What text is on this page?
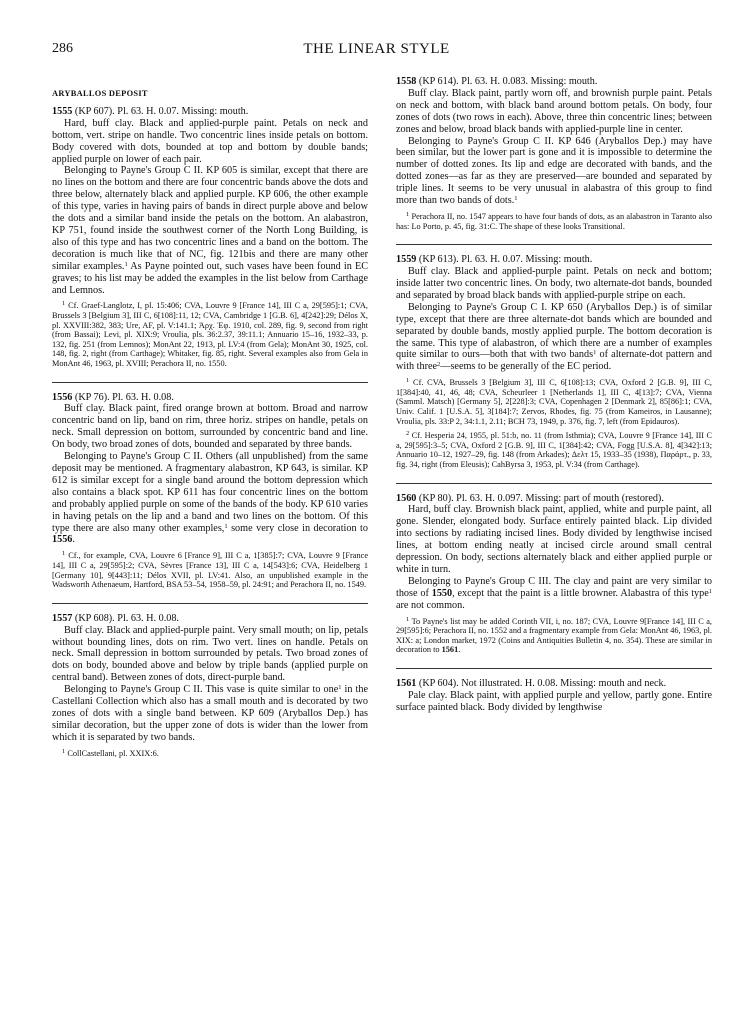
286	THE LINEAR STYLE
ARYBALLOS DEPOSIT
1555 (KP 607). Pl. 63. H. 0.07. Missing: mouth.

Hard, buff clay. Black and applied-purple paint. Petals on neck and bottom, vert. stripe on handle. Two concentric lines inside petals on bottom. Body covered with dots, bounded at top and bottom by double bands; applied purple on lower of each pair.

Belonging to Payne's Group C II. KP 605 is similar, except that there are no lines on the bottom and there are four concentric bands above the dots and three below, alternately black and applied purple. KP 606, the other example of this type, varies in having pairs of bands in direct purple above and below the dots and a similar band inside the petals on the bottom. An alabastron, KP 751, found inside the southwest corner of the North Long Building, is also of this type and has two concentric lines and a band on the bottom. The decoration is much like that of NC, fig. 121bis and there are many other similar examples.$^1$ As Payne pointed out, such vases have been found in EC graves; to his list may be added the examples in the list below from Carthage and Lemnos.

$^1$ Cf. Graef-Langlotz, I, pl. 15:406; CVA, Louvre 9 [France 14], III C a, 29[595]:1; CVA, Brussels 3 [Belgium 3], III C, 6[108]:11, 12; CVA, Cambridge 1 [G.B. 6], 4[242]:29; Délos X, pl. XXVIII:382, 383; Ure, AF, pl. V:141.1; Ἀρχ. Ἐφ. 1910, col. 289, fig. 9, second from right (from Bassai); Levi, pl. XIX:9; Vroulia, pls. 36:2.37, 39:11.1; Annuario 15–16, 1932–33, p. 132, fig. 251 (from Lemnos); MonAnt 22, 1913, pl. LV:4 (from Gela); MonAnt 30, 1925, col. 148, fig. 2, right (from Carthage); Whitaker, fig. 85, right. Several examples also from Gela in MonAnt 46, 1963, pl. XVIII; Perachora II, no. 1550.
1556 (KP 76). Pl. 63. H. 0.08.

Buff clay. Black paint, fired orange brown at bottom. Broad and narrow concentric band on lip, band on rim, three horiz. stripes on handle, petals on neck. Small depression on bottom, surrounded by concentric band and line. On body, two broad zones of dots, bounded and separated by three bands.

Belonging to Payne's Group C II. Others (all unpublished) from the same deposit may be mentioned. A fragmentary alabastron, KP 643, is similar. KP 612 is similar except for a single band around the bottom depression which also contains a black spot. KP 611 has four concentric lines on the bottom and probably applied purple on some of the bands of the body. KP 610 varies in having petals on the lip and a band and two lines on the bottom. Of this type there are also many other examples,$^1$ some very close in decoration to 1556.

$^1$ Cf., for example, CVA, Louvre 6 [France 9], III C a, 1[385]:7; CVA, Louvre 9 [France 14], III C a, 29[595]:2; CVA, Sèvres [France 13], III C a, 14[543]:6; CVA, Heidelberg 1 [Germany 10], 9[443]:11; Délos XVII, pl. LV:41. Also, an unpublished example in the Wadsworth Athenaeum, Hartford, BSA 53–54, 1958–59, pl. 24:91; and Perachora II, no. 1549.
1557 (KP 608). Pl. 63. H. 0.08.

Buff clay. Black and applied-purple paint. Very small mouth; on lip, petals without bounding lines, dots on rim. Two vert. lines on handle. Petals on neck. Small depression in bottom surrounded by petals. Two broad zones of dots on body, bounded above and below by triple bands (applied purple on central band). Between zones of dots, direct-purple band.

Belonging to Payne's Group C II. This vase is quite similar to one$^1$ in the Castellani Collection which also has a small mouth and is decorated by two zones of dots with a single band between. KP 609 (Aryballos Dep.) has similar decoration, but the upper zone of dots is wider than the lower from which it is separated by two bands.

$^1$ CollCastellani, pl. XXIX:6.
1558 (KP 614). Pl. 63. H. 0.083. Missing: mouth.

Buff clay. Black paint, partly worn off, and brownish purple paint. Petals on neck and bottom, with black band around bottom petals. On body, four zones of dots (two rows in each). Above, three thin concentric lines; between zones and below, broad black bands with applied-purple line in center.

Belonging to Payne's Group C II. KP 646 (Aryballos Dep.) may have been similar, but the lower part is gone and it is impossible to determine the number of dotted zones. Its lip and edge are decorated with bands, and the dotted zones—as far as they are preserved—are bounded and separated by triple lines. It seems to be very unusual in alabastra of this group to find more than two bands of dots.$^1$

$^1$ Perachora II, no. 1547 appears to have four bands of dots, as an alabastron in Taranto also has: Lo Porto, p. 45, fig. 31:C. The shape of these looks Transitional.
1559 (KP 613). Pl. 63. H. 0.07. Missing: mouth.

Buff clay. Black and applied-purple paint. Petals on neck and bottom; inside latter two concentric lines. On body, two alternate-dot bands, bounded and separated by broad black bands with applied-purple stripe on each.

Belonging to Payne's Group C I. KP 650 (Aryballos Dep.) is of similar type, except that there are three alternate-dot bands which are bounded and separated by double bands, mostly applied purple. The bottom decoration is the same. This type of alabastron, of which there are a number of examples quite similar to ours—both that with two bands$^1$ of alternate-dot pattern and with three$^2$—seems to be generally of the EC period.

$^1$ Cf. CVA, Brussels 3 [Belgium 3], III C, 6[108]:13; CVA, Oxford 2 [G.B. 9], III C, 1[384]:40, 41, 46, 48; CVA, Scheurleer 1 [Netherlands 1], III C, 4[13]:7; CVA, Vienna (Samml. Matsch) [Germany 5], 2[228]:3; CVA, Copenhagen 2 [Denmark 2], 85[86]:1; CVA, Univ. Calif. 1 [U.S.A. 5], 3[184]:7; Zervos, Rhodes, fig. 75 (from Kameiros, in Lausanne); Vroulia, pls. 33:P 2, 34:1.1, 2.11; BCH 73, 1949, p. 376, fig. 7, left (from Epidauros).
$^2$ Cf. Hesperia 24, 1955, pl. 51:b, no. 11 (from Isthmia); CVA, Louvre 9 [France 14], III C a, 29[595]:3–5; CVA, Oxford 2 [G.B. 9], III C, 1[384]:42; CVA, Fogg [U.S.A. 8], 4[342]:13; Annuario 10–12, 1927–29, fig. 148 (from Arkades); Δελτ 15, 1933–35 (1938), Παράρτ., p. 33, fig. 34, right (from Eleusis); CahByrsa 3, 1953, pl. V:34 (from Carthage).
1560 (KP 80). Pl. 63. H. 0.097. Missing: part of mouth (restored).

Hard, buff clay. Brownish black paint, applied, white and purple paint, all gone. Slender, elongated body. Surface entirely painted black. Lip divided into sections by radiating incised lines. Body divided by lengthwise incised lines, at bottom ending neatly at incised circle around small central depression. On body, sections alternately black and either applied purple or white in turn.

Belonging to Payne's Group C III. The clay and paint are very similar to those of 1550, except that the paint is a little browner. Alabastra of this type$^1$ are not common.

$^1$ To Payne's list may be added Corinth VII, i, no. 187; CVA, Louvre 9[France 14], III C a, 29[595]:6; Perachora II, no. 1552 and a fragmentary example from Gela: MonAnt 46, 1963, pl. XIX: a; London market, 1972 (Coins and Antiquities Bulletin 4, no. 354). These are similar in decoration to 1561.
1561 (KP 604). Not illustrated. H. 0.08. Missing: mouth and neck.

Pale clay. Black paint, with applied purple and yellow, partly gone. Entire surface painted black. Body divided by lengthwise
